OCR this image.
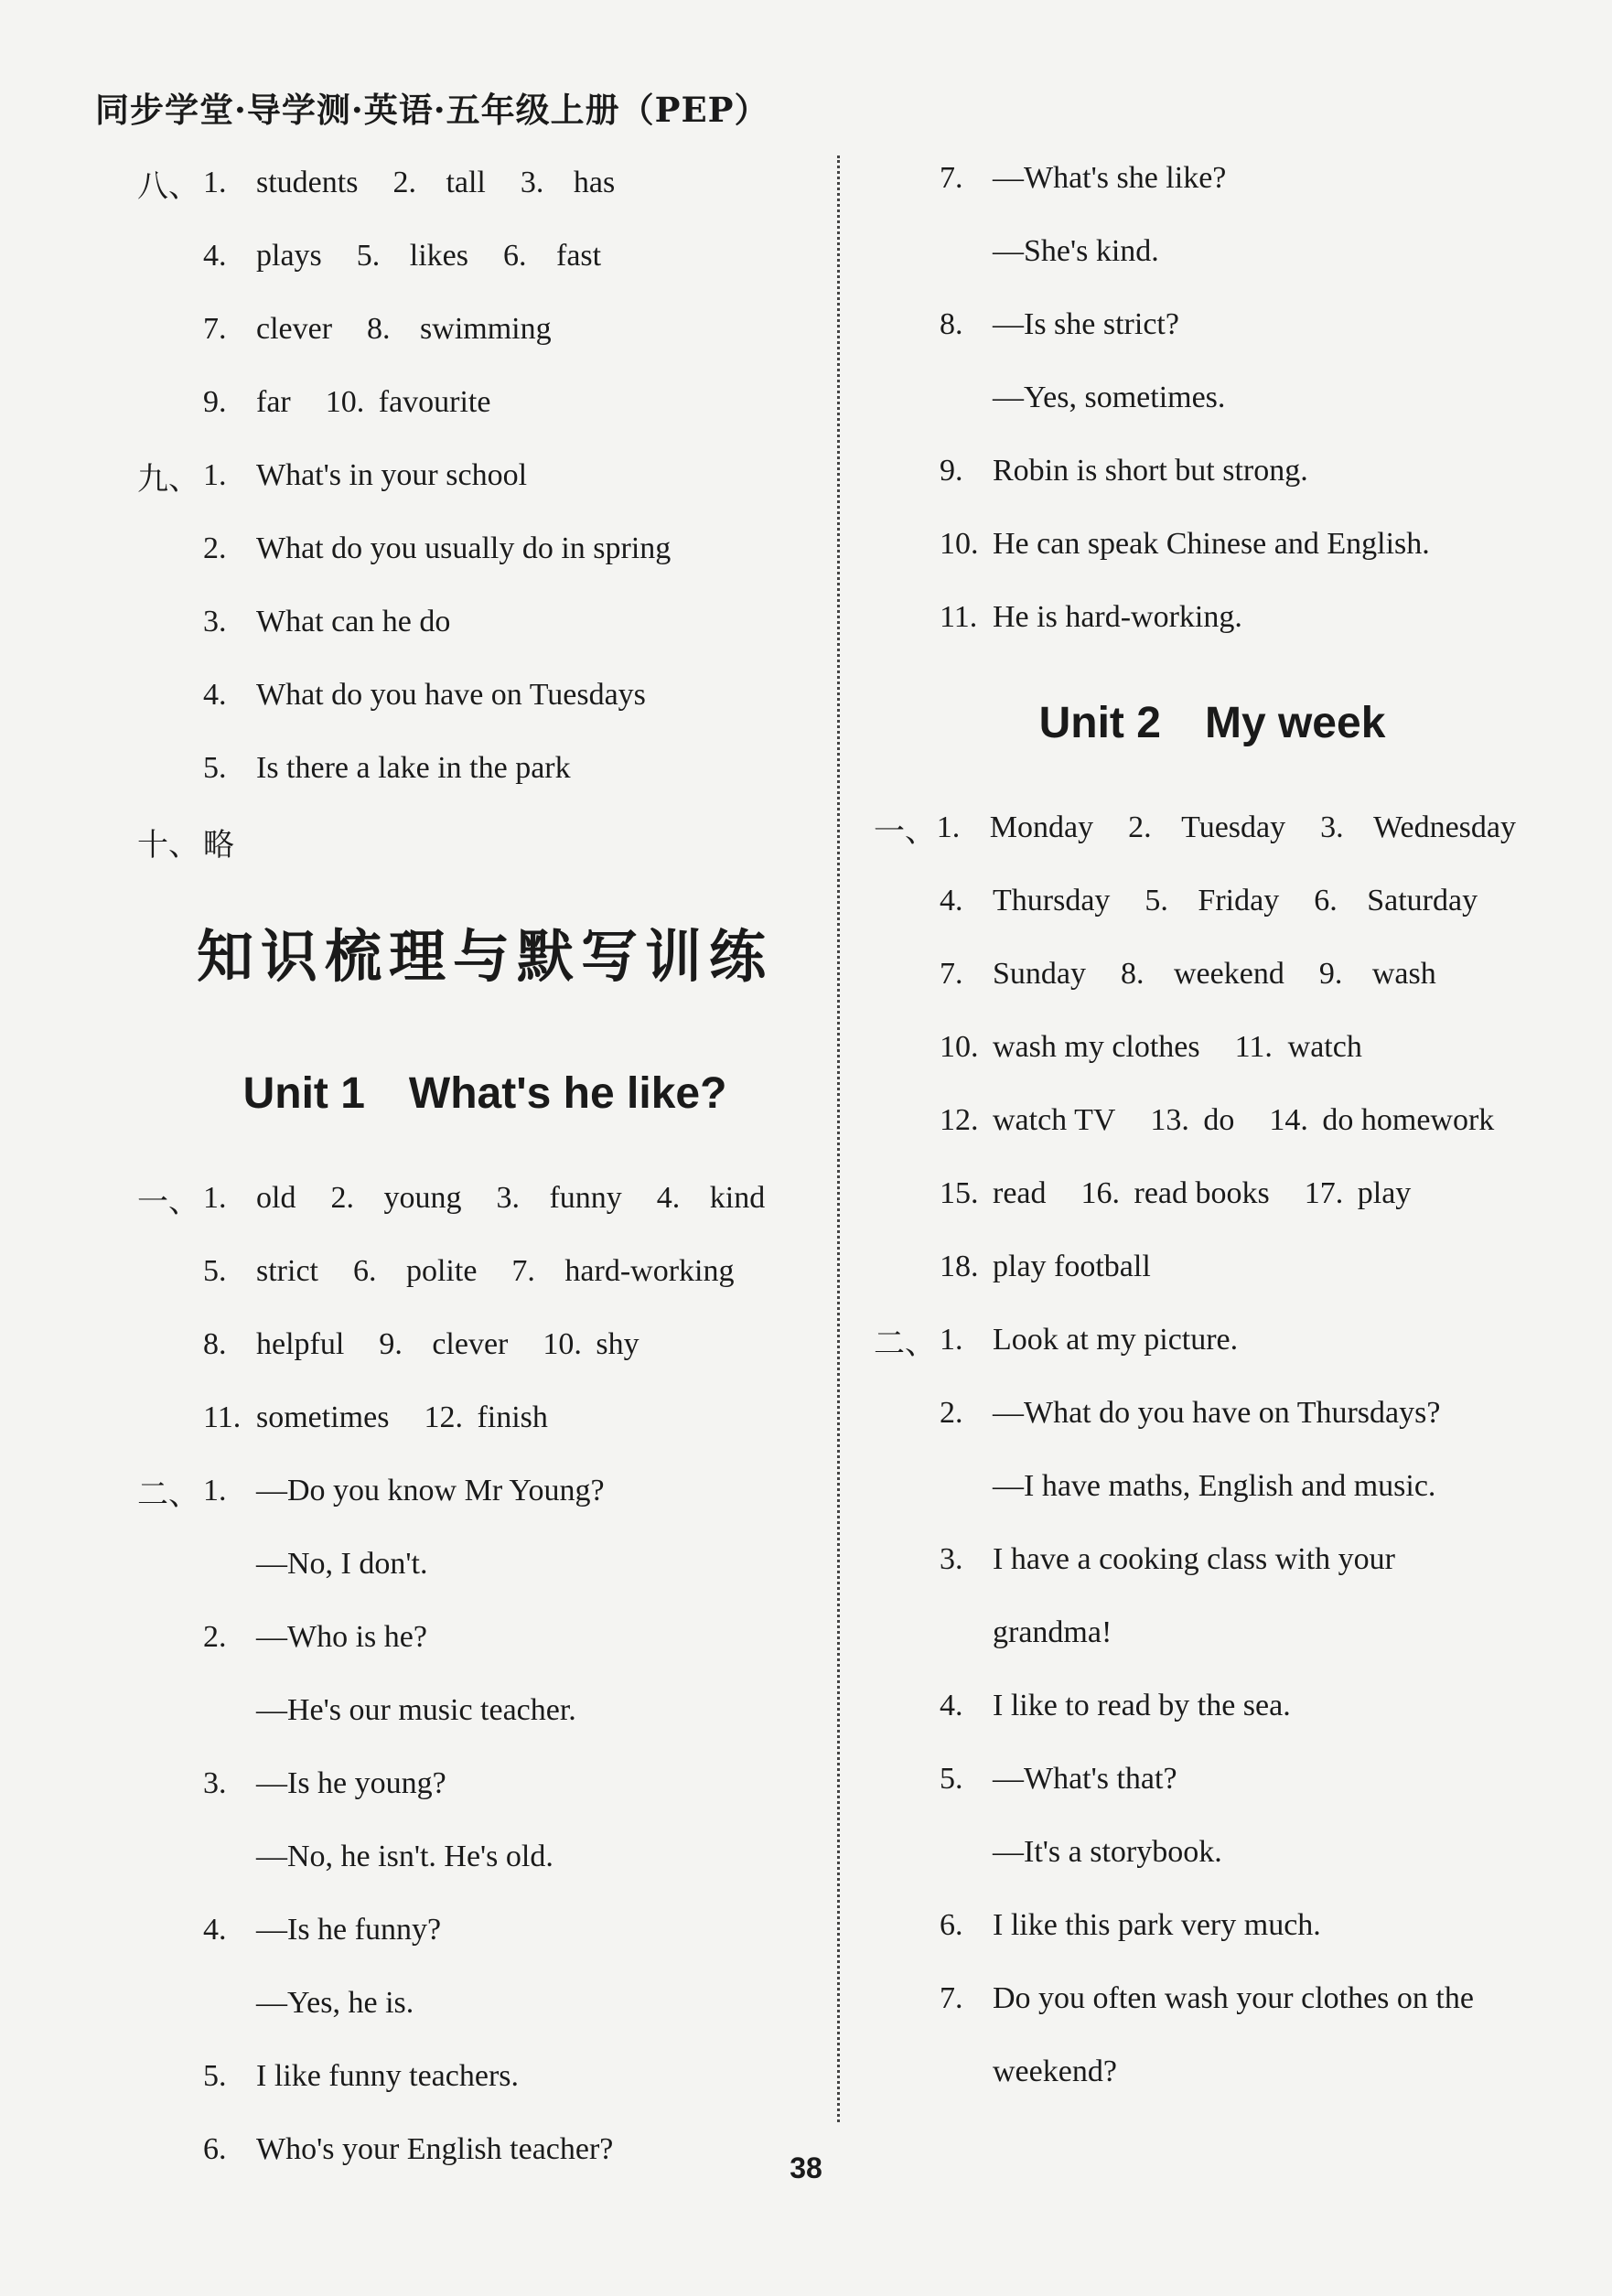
同步学堂·导学测·英语·五年级上册（PEP）
八、 1. students 2. tall 3. has
4. plays 5. likes 6. fast
7. clever 8. swimming
9. far 10. favourite
九、 1. What's in your school
2. What do you usually do in spring
3. What can he do
4. What do you have on Tuesdays
5. Is there a lake in the park
十、 略
知识梳理与默写训练
Unit 1 What's he like?
一、 1. old 2. young 3. funny 4. kind
5. strict 6. polite 7. hard-working
8. helpful 9. clever 10. shy
11. sometimes 12. finish
二、 1. —Do you know Mr Young?
—No, I don't.
2. —Who is he?
—He's our music teacher.
3. —Is he young?
—No, he isn't. He's old.
4. —Is he funny?
—Yes, he is.
5. I like funny teachers.
6. Who's your English teacher?
7. —What's she like?
—She's kind.
8. —Is she strict?
—Yes, sometimes.
9. Robin is short but strong.
10. He can speak Chinese and English.
11. He is hard-working.
Unit 2 My week
一、 1. Monday 2. Tuesday 3. Wednesday
4. Thursday 5. Friday 6. Saturday
7. Sunday 8. weekend 9. wash
10. wash my clothes 11. watch
12. watch TV 13. do 14. do homework
15. read 16. read books 17. play
18. play football
二、 1. Look at my picture.
2. —What do you have on Thursdays?
—I have maths, English and music.
3. I have a cooking class with your
grandma!
4. I like to read by the sea.
5. —What's that?
—It's a storybook.
6. I like this park very much.
7. Do you often wash your clothes on the
weekend?
38
